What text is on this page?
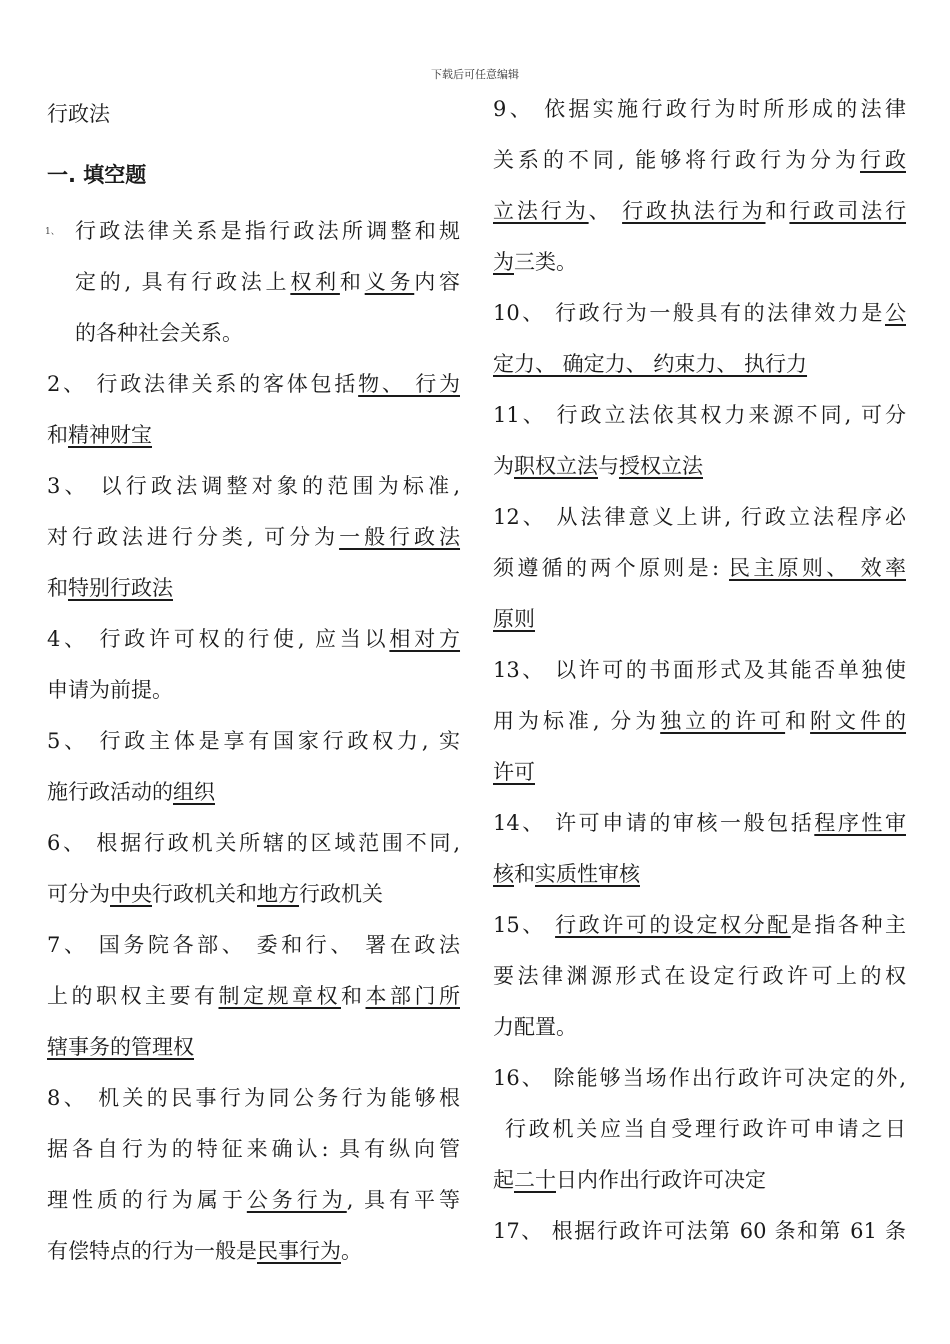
下载后可任意编辑
行政法
一. 填空题
1、 行政法律关系是指行政法所调整和规
定的, 具有行政法上权利和义务内容
的各种社会关系。
2、 行政法律关系的客体包括物、 行为
和精神财宝
3、 以行政法调整对象的范围为标准,
对行政法进行分类, 可分为一般行政法
和特别行政法
4、 行政许可权的行使, 应当以相对方
申请为前提。
5、 行政主体是享有国家行政权力, 实
施行政活动的组织
6、 根据行政机关所辖的区域范围不同,
可分为中央行政机关和地方行政机关
7、 国务院各部、 委和行、 署在政法
上的职权主要有制定规章权和本部门所
辖事务的管理权
8、 机关的民事行为同公务行为能够根
据各自行为的特征来确认: 具有纵向管
理性质的行为属于公务行为, 具有平等
有偿特点的行为一般是民事行为。
9、 依据实施行政行为时所形成的法律
关系的不同, 能够将行政行为分为行政
立法行为、 行政执法行为和行政司法行
为三类。
10、 行政行为一般具有的法律效力是公
定力、 确定力、 约束力、 执行力
11、 行政立法依其权力来源不同, 可分
为职权立法与授权立法
12、 从法律意义上讲, 行政立法程序必
须遵循的两个原则是: 民主原则、 效率
原则
13、 以许可的书面形式及其能否单独使
用为标准, 分为独立的许可和附文件的
许可
14、 许可申请的审核一般包括程序性审
核和实质性审核
15、 行政许可的设定权分配是指各种主
要法律渊源形式在设定行政许可上的权
力配置。
16、 除能够当场作出行政许可决定的外,
行政机关应当自受理行政许可申请之日
起二十日内作出行政许可决定
17、 根据行政许可法第 60 条和第 61 条
